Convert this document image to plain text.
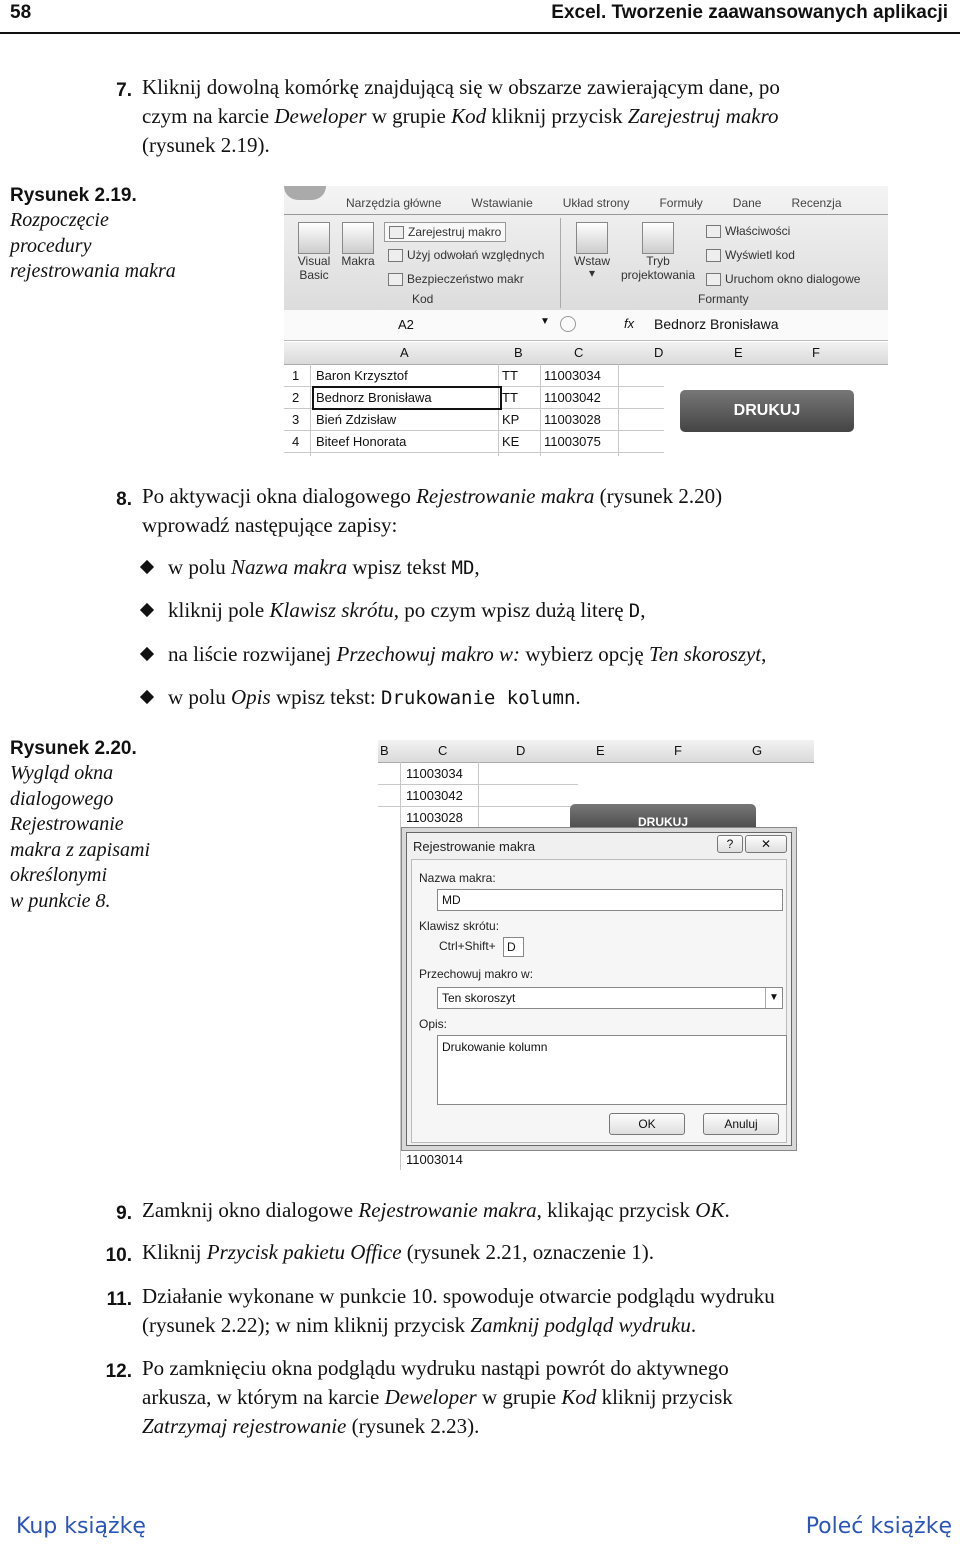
58	Excel. Tworzenie zaawansowanych aplikacji
7. Kliknij dowolną komórkę znajdującą się w obszarze zawierającym dane, po
czym na karcie Deweloper w grupie Kod kliknij przycisk Zarejestruj makro
(rysunek 2.19).
Rysunek 2.19.
Rozpoczęcie
procedury
rejestrowania makra
Narzędzia główne	Wstawianie	Układ strony	Formuły	Dane	Recenzja
Visual
Basic
Makra
Zarejestruj makro
Użyj odwołań względnych
Bezpieczeństwo makr
Kod
Wstaw
▾
Tryb
projektowania
Właściwości
Wyświetl kod
Uruchom okno dialogowe
Formanty
A2	▼	fx Bednorz Bronisława
A	B	C	D	E	F
1 Baron Krzysztof	TT 11003034
2 Bednorz Bronisława	TT 11003042
3 Bień Zdzisław	KP 11003028
4 Biteef Honorata	KE 11003075
DRUKUJ
8. Po aktywacji okna dialogowego Rejestrowanie makra (rysunek 2.20)
wprowadź następujące zapisy:
w polu Nazwa makra wpisz tekst MD,
kliknij pole Klawisz skrótu, po czym wpisz dużą literę D,
na liście rozwijanej Przechowuj makro w: wybierz opcję Ten skoroszyt,
w polu Opis wpisz tekst: Drukowanie kolumn.
Rysunek 2.20.
Wygląd okna
dialogowego
Rejestrowanie
makra z zapisami
określonymi
w punkcie 8.
B	C	D	E	F	G
11003034
11003042
11003028
11003014
DRUKUJ
Rejestrowanie makra	?	✕
Nazwa makra:
MD
Klawisz skrótu:
Ctrl+Shift+ D
Przechowuj makro w:
Ten skoroszyt	▼
Opis:
Drukowanie kolumn
OK	Anuluj
9. Zamknij okno dialogowe Rejestrowanie makra, klikając przycisk OK.
10. Kliknij Przycisk pakietu Office (rysunek 2.21, oznaczenie 1).
11. Działanie wykonane w punkcie 10. spowoduje otwarcie podglądu wydruku
(rysunek 2.22); w nim kliknij przycisk Zamknij podgląd wydruku.
12. Po zamknięciu okna podglądu wydruku nastąpi powrót do aktywnego
arkusza, w którym na karcie Deweloper w grupie Kod kliknij przycisk
Zatrzymaj rejestrowanie (rysunek 2.23).
Kup książkę	Poleć książkę
